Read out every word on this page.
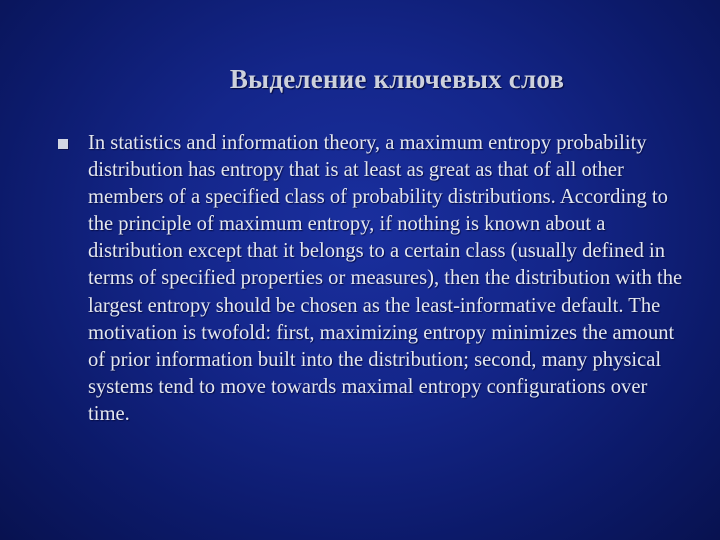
Выделение ключевых слов

In statistics and information theory, a maximum entropy probability distribution has entropy that is at least as great as that of all other members of a specified class of probability distributions. According to the principle of maximum entropy, if nothing is known about a distribution except that it belongs to a certain class (usually defined in terms of specified properties or measures), then the distribution with the largest entropy should be chosen as the least-informative default. The motivation is twofold: first, maximizing entropy minimizes the amount of prior information built into the distribution; second, many physical systems tend to move towards maximal entropy configurations over time.
